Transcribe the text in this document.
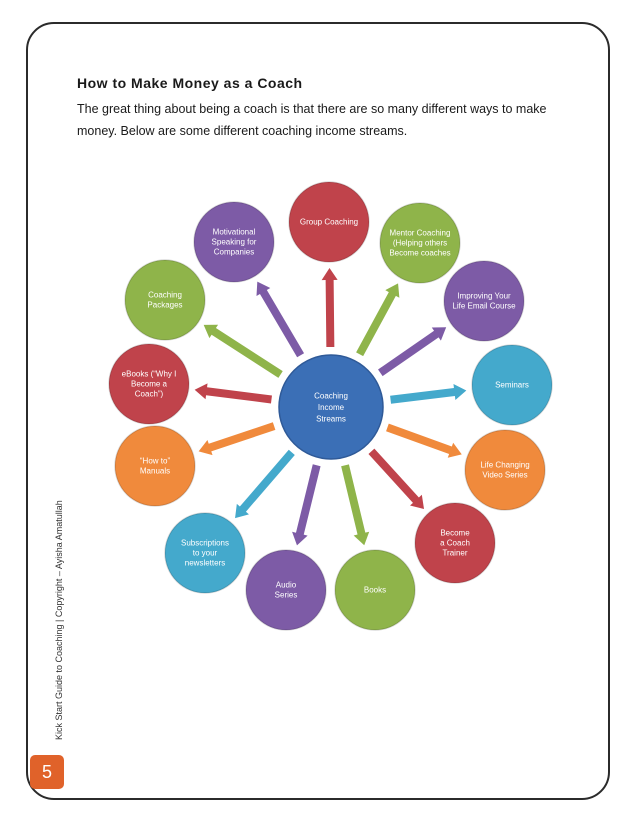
How to Make Money as a Coach
The great thing about being a coach is that there are so many different ways to make money. Below are some different coaching income streams.
Kick Start Guide to Coaching | Copyright – Ayisha Amatullah
5
Coaching Income Streams
Group Coaching
Mentor Coaching (Helping others Become coaches
Improving Your Life Email Course
Seminars
Life Changing Video Series
Become a Coach Trainer
Books
Audio Series
Subscriptions to your newsletters
“How to” Manuals
eBooks (“Why I Become a Coach”)
Coaching Packages
Motivational Speaking for Companies
